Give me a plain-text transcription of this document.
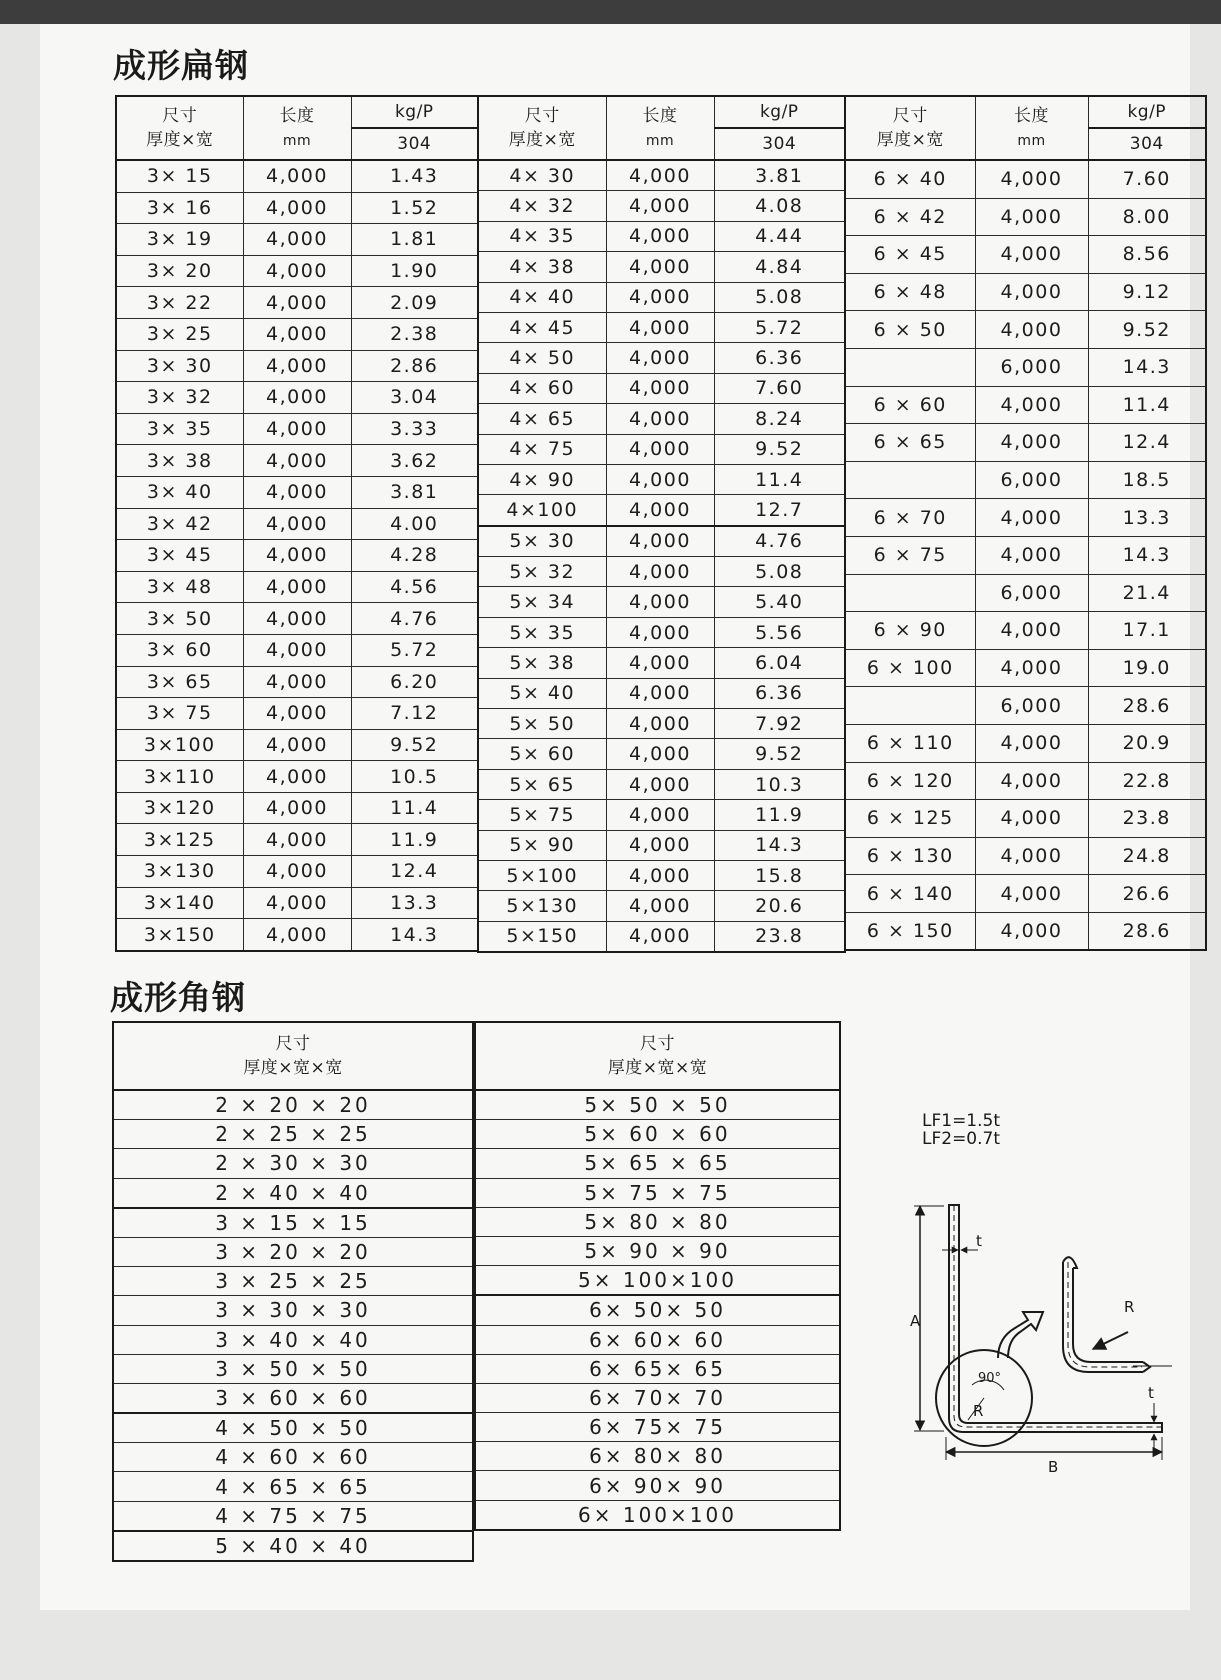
成形扁钢
尺寸
厚度×宽	长度
mm	kg/P
		304
3× 15	4,000	1.43
3× 16	4,000	1.52
3× 19	4,000	1.81
3× 20	4,000	1.90
3× 22	4,000	2.09
3× 25	4,000	2.38
3× 30	4,000	2.86
3× 32	4,000	3.04
3× 35	4,000	3.33
3× 38	4,000	3.62
3× 40	4,000	3.81
3× 42	4,000	4.00
3× 45	4,000	4.28
3× 48	4,000	4.56
3× 50	4,000	4.76
3× 60	4,000	5.72
3× 65	4,000	6.20
3× 75	4,000	7.12
3×100	4,000	9.52
3×110	4,000	10.5
3×120	4,000	11.4
3×125	4,000	11.9
3×130	4,000	12.4
3×140	4,000	13.3
3×150	4,000	14.3
尺寸
厚度×宽	长度
mm	kg/P
		304
4× 30	4,000	3.81
4× 32	4,000	4.08
4× 35	4,000	4.44
4× 38	4,000	4.84
4× 40	4,000	5.08
4× 45	4,000	5.72
4× 50	4,000	6.36
4× 60	4,000	7.60
4× 65	4,000	8.24
4× 75	4,000	9.52
4× 90	4,000	11.4
4×100	4,000	12.7
5× 30	4,000	4.76
5× 32	4,000	5.08
5× 34	4,000	5.40
5× 35	4,000	5.56
5× 38	4,000	6.04
5× 40	4,000	6.36
5× 50	4,000	7.92
5× 60	4,000	9.52
5× 65	4,000	10.3
5× 75	4,000	11.9
5× 90	4,000	14.3
5×100	4,000	15.8
5×130	4,000	20.6
5×150	4,000	23.8
尺寸
厚度×宽	长度
mm	kg/P
		304
6 × 40	4,000	7.60
6 × 42	4,000	8.00
6 × 45	4,000	8.56
6 × 48	4,000	9.12
6 × 50	4,000	9.52
	6,000	14.3
6 × 60	4,000	11.4
6 × 65	4,000	12.4
	6,000	18.5
6 × 70	4,000	13.3
6 × 75	4,000	14.3
	6,000	21.4
6 × 90	4,000	17.1
6 × 100	4,000	19.0
	6,000	28.6
6 × 110	4,000	20.9
6 × 120	4,000	22.8
6 × 125	4,000	23.8
6 × 130	4,000	24.8
6 × 140	4,000	26.6
6 × 150	4,000	28.6
成形角钢
尺寸
厚度×宽×宽
2 × 20 × 20
2 × 25 × 25
2 × 30 × 30
2 × 40 × 40
3 × 15 × 15
3 × 20 × 20
3 × 25 × 25
3 × 30 × 30
3 × 40 × 40
3 × 50 × 50
3 × 60 × 60
4 × 50 × 50
4 × 60 × 60
4 × 65 × 65
4 × 75 × 75
5 × 40 × 40
尺寸
厚度×宽×宽
5× 50 × 50
5× 60 × 60
5× 65 × 65
5× 75 × 75
5× 80 × 80
5× 90 × 90
5× 100×100
6× 50× 50
6× 60× 60
6× 65× 65
6× 70× 70
6× 75× 75
6× 80× 80
6× 90× 90
6× 100×100

LF1=1.5t

LF2=0.7t

A
B
t
t
R
R
90°
